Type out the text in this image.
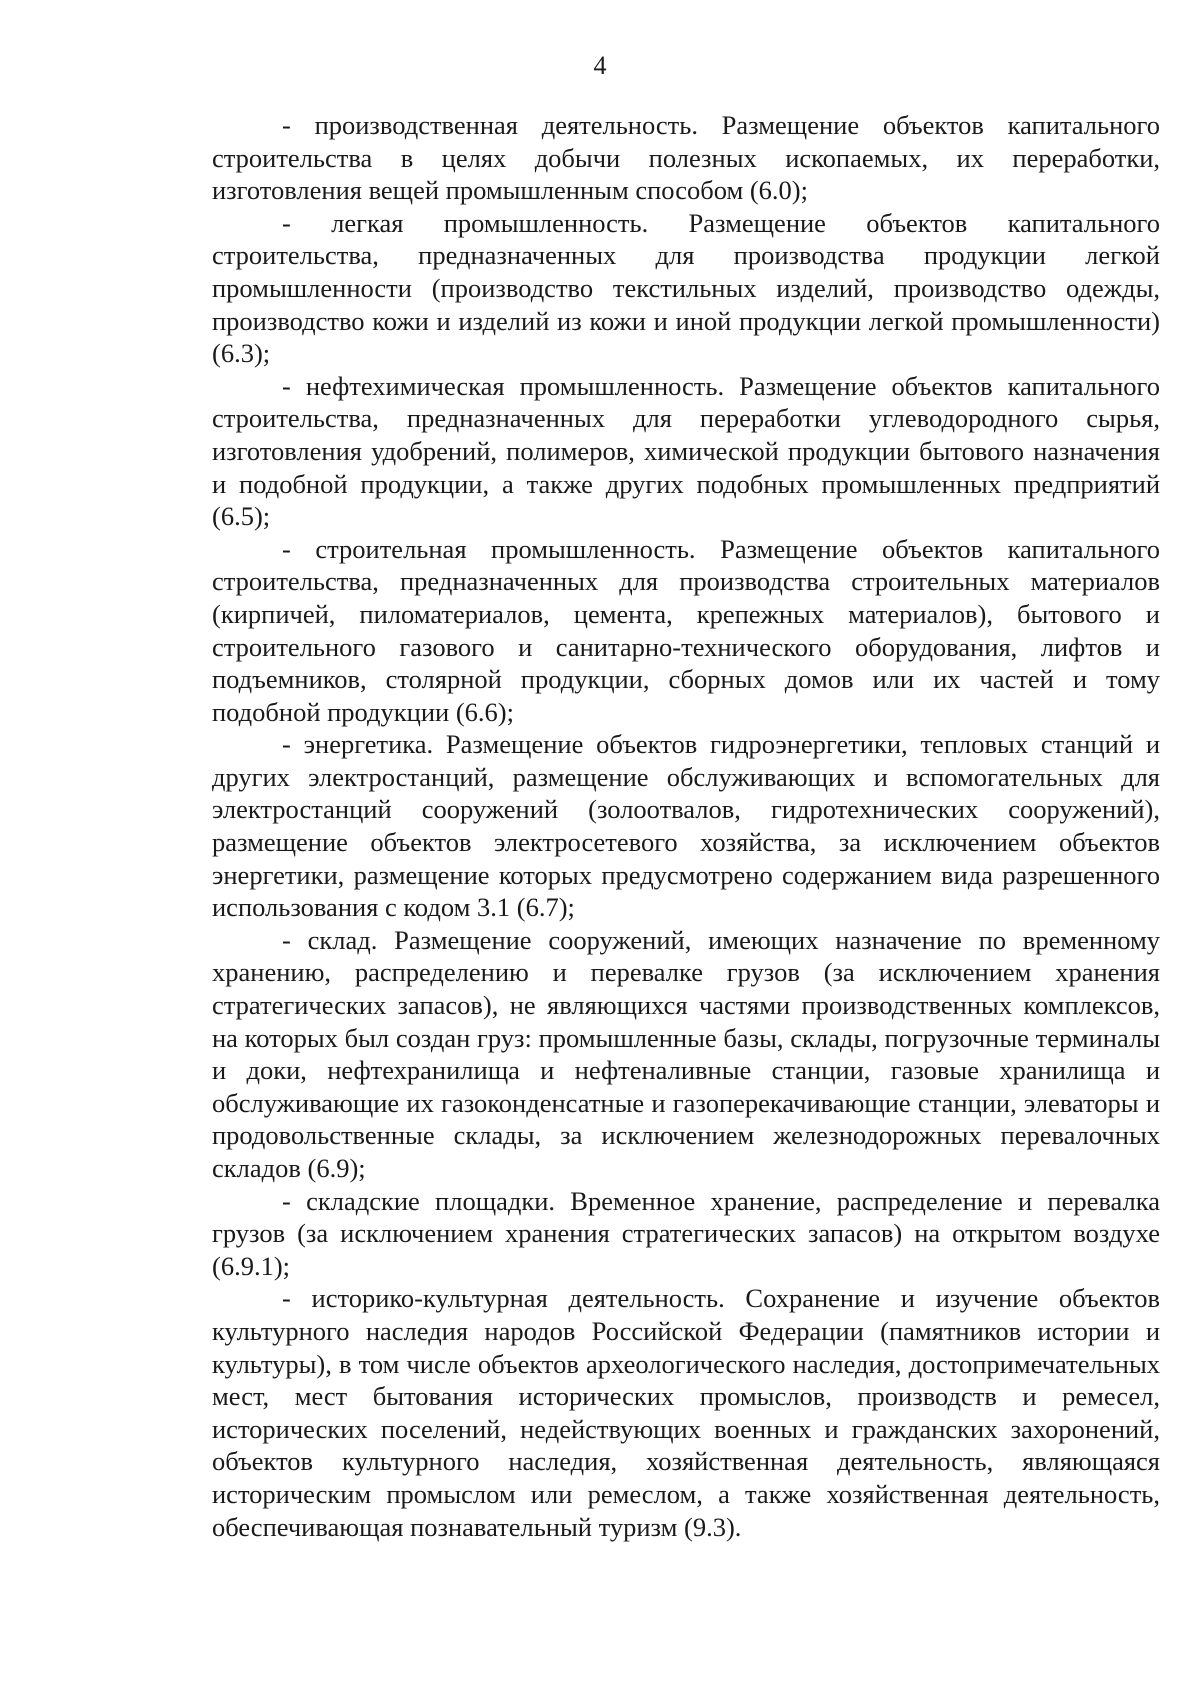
4

- производственная деятельность. Размещение объектов капитального строительства в целях добычи полезных ископаемых, их переработки, изготовления вещей промышленным способом (6.0);

- легкая промышленность. Размещение объектов капитального строительства, предназначенных для производства продукции легкой промышленности (производство текстильных изделий, производство одежды, производство кожи и изделий из кожи и иной продукции легкой промышленности) (6.3);

- нефтехимическая промышленность. Размещение объектов капитального строительства, предназначенных для переработки углеводородного сырья, изготовления удобрений, полимеров, химической продукции бытового назначения и подобной продукции, а также других подобных промышленных предприятий (6.5);

- строительная промышленность. Размещение объектов капитального строительства, предназначенных для производства строительных материалов (кирпичей, пиломатериалов, цемента, крепежных материалов), бытового и строительного газового и санитарно-технического оборудования, лифтов и подъемников, столярной продукции, сборных домов или их частей и тому подобной продукции (6.6);

- энергетика. Размещение объектов гидроэнергетики, тепловых станций и других электростанций, размещение обслуживающих и вспомогательных для электростанций сооружений (золоотвалов, гидротехнических сооружений), размещение объектов электросетевого хозяйства, за исключением объектов энергетики, размещение которых предусмотрено содержанием вида разрешенного использования с кодом 3.1 (6.7);

- склад. Размещение сооружений, имеющих назначение по временному хранению, распределению и перевалке грузов (за исключением хранения стратегических запасов), не являющихся частями производственных комплексов, на которых был создан груз: промышленные базы, склады, погрузочные терминалы и доки, нефтехранилища и нефтеналивные станции, газовые хранилища и обслуживающие их газоконденсатные и газоперекачивающие станции, элеваторы и продовольственные склады, за исключением железнодорожных перевалочных складов (6.9);

- складские площадки. Временное хранение, распределение и перевалка грузов (за исключением хранения стратегических запасов) на открытом воздухе (6.9.1);

- историко-культурная деятельность. Сохранение и изучение объектов культурного наследия народов Российской Федерации (памятников истории и культуры), в том числе объектов археологического наследия, достопримечательных мест, мест бытования исторических промыслов, производств и ремесел, исторических поселений, недействующих военных и гражданских захоронений, объектов культурного наследия, хозяйственная деятельность, являющаяся историческим промыслом или ремеслом, а также хозяйственная деятельность, обеспечивающая познавательный туризм (9.3).
